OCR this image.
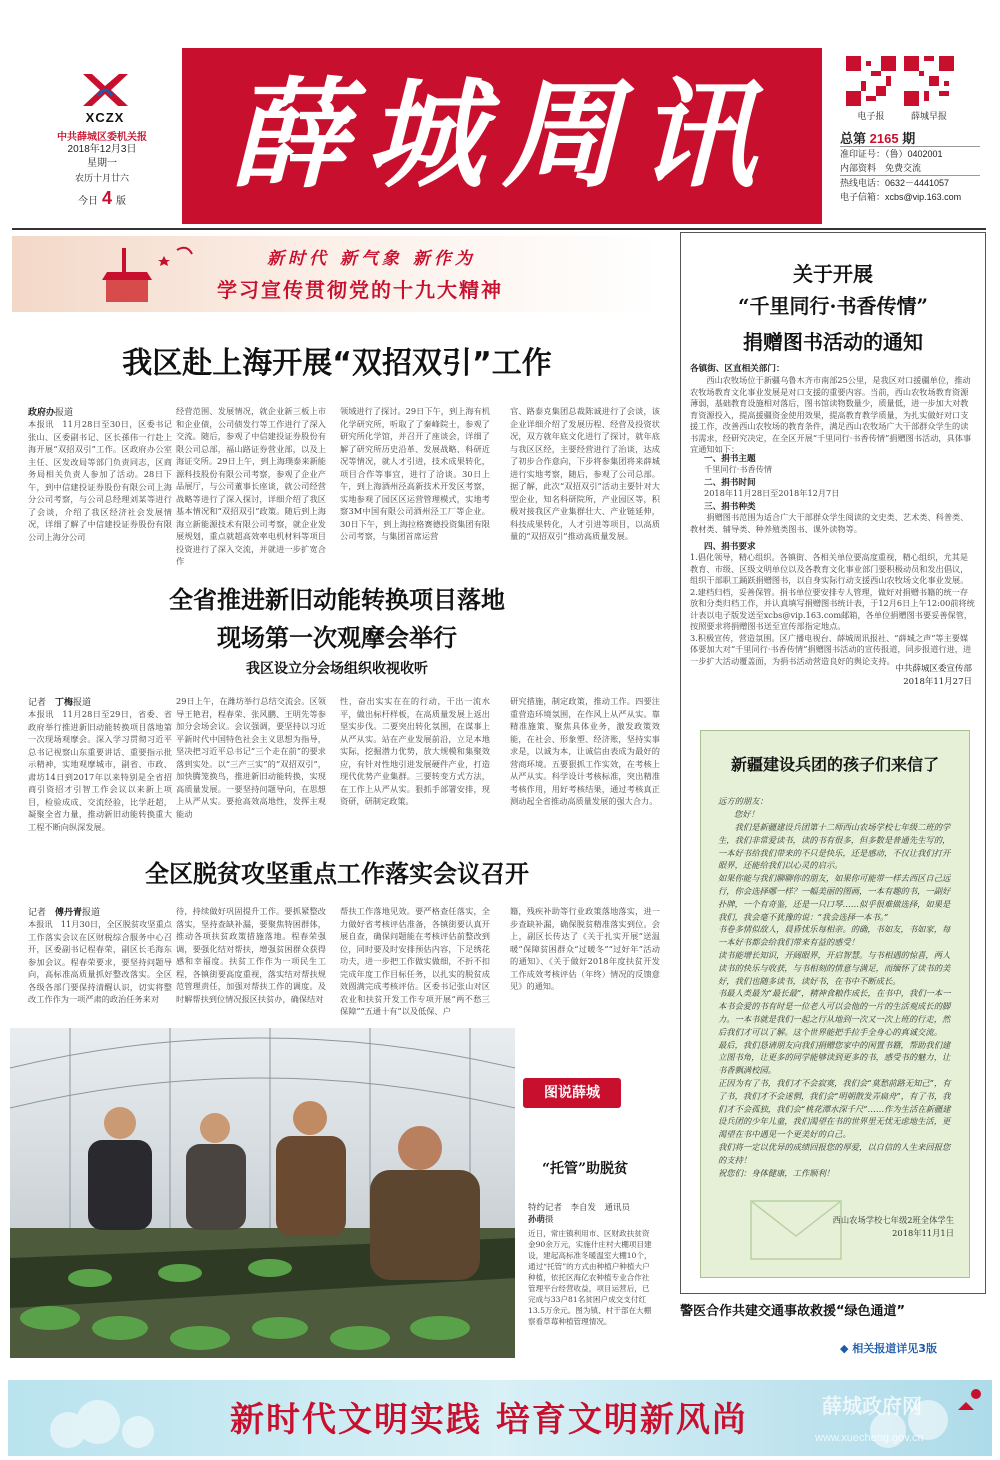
XCZX
中共薛城区委机关报
2018年12月3日
星期一
农历十月廿六
今日 4 版 薛城周讯	电子报	薛城早报
总第 2165 期
准印证号：（鲁）0402001
内部资料　免费交流
热线电话：0632－4441057
电子信箱：xcbs@vip.163.com
新时代 新气象 新作为
学习宣传贯彻党的十九大精神
我区赴上海开展“双招双引”工作
政府办报道
本报讯　11月28日至30日，区委书记张山、区委副书记、区长孫伟一行赴上海开展“双招双引”工作。区政府办公室主任、区发改局等部门负责同志，区商务局相关负责人参加了活动。28日下午，到中信建投证券股份有限公司上海分公司考察，与公司总经理刘某等进行了会谈，介绍了我区经济社会发展情况，详细了解了中信建投证券股份有限公司上海分公司
经营范围、发展情况，就企业新三板上市和企业债，公司债发行等工作进行了深入交流。随后，参观了中信建投证券股份有限公司总部，福山路证券营业部，以及上海证交所。29日上午，到上海璞泰来新能源科技股份有限公司考察，参观了企业产品展厅，与公司董事长座谈，就公司经营战略等进行了深入探讨，详细介绍了我区基本情况和“双招双引”政策。随后到上海海立新能源技术有限公司考察，就企业发展规划，重点就超高效率电机材料等项目投资进行了深入交流，并就进一步扩宽合作
领域进行了探讨。29日下午，到上海有机化学研究所，听取了了秦峰院士，参观了研究所化学馆，并召开了座谈会，详细了解了研究所历史沿革、发展战略、科研近况等情况，就人才引进，技术成果转化，项目合作等事宜，进行了洽谈。30日上午，到上海酒州泾高新技术开发区考察，实地参观了园区区运营管理模式，实地考察3M中国有限公司酒州泾工厂等企业。30日下午，到上海拉格赛德投资集团有限公司考察，与集团首席运营
官、路泰克集团总裁陈诚进行了会谈，该企业详细介绍了发展历程、经营及投资状况，双方就年底文化进行了探讨，就年底与我区区经，主要经营进行了治谈，达成了初步合作意向，下步将参集团将来薛城进行实地考察，随后，参观了公司总部。据了解，此次“双招双引”活动主要针对大型企业，知名科研院所，产业园区等，积极对接我区产业集群壮大、产业链延伸，科技成果转化，人才引进等项目，以高质量的“双招双引”推动高质量发展。
全省推进新旧动能转换项目落地
现场第一次观摩会举行
我区设立分会场组织收视收听
记者　 丁梅报道
本报讯　11月28日至29日，省委、省政府举行推进新旧动能转换项目落地第一次现场观摩会。深入学习贯彻习近平总书记视察山东重要讲话、重要指示批示精神，实地观摩城市，副省、市政、肃坊14日到2017年以来特别是全省招商引资招才引智工作会议以来新上项目，检验成成、交流经验，比学赶超，凝聚全省力量，推动新旧动能转换重大工程不断向纵深发展。
29日上午，在潍坊举行总结交流会。区领导王艳君，程春荣、张风鹏、王明先等参加分会场会议。会议强调，要坚持以习近平新时代中国特色社会主义思想为指导，坚决把习近平总书记“三个走在前”的要求落到实处。以“三产三实”的“双招双引”，加快腾笼换鸟，推进新旧动能转换，实现高质量发展。一要坚持问题导向，在思想上从严从实。要抢高效高地性，发挥主观能动
性，奋出实实在在的行动，干出一流水平，做出标杆样板，在高质量发展上返出坚实步伐。二要突出转化氛围，在谋事上从严从实。站在产业发展前沿，立足本地实际，挖掘潜力优势，放大规模和集聚效应，有针对性地引进发展硬件产业，打造现代优势产业集群。三要转变方式方法，在工作上从严从实。狠抓手部署安排，现资研，研制定政策。
研究措施，制定政策，推动工作。四要注重营造环境氛围，在作风上从严从实。靠精准施策、聚焦具体业务，激发政策效能，在社会、形象塑、经济账，坚持实事求是，以诚为本，让诚信由表成为最好的营商环境。五要狠抓工作实效，在考核上从严从实。科学设计考核标准，突出精准考核作用，用好考核结果，通过考核真正测动起全省推动高质量发展的强大合力。
全区脱贫攻坚重点工作落实会议召开
记者　 傅丹青报道
本报讯　11月30日，全区脱贫攻坚重点工作落实会议在区财税综合服务中心召开，区委副书记程春荣，副区长毛海东参加会议。程春荣要求，要坚持问题导向，高标准高质量抓好整改落实。全区各级各部门要保持清醒认识，切实将整改工作作为一项严肃的政治任务来对
待，持续做好巩固提升工作。要抓紧整改落实，坚持查缺补漏，要聚焦特困群体，推动各项扶贫政策措施落地。程春荣强调，要强化结对帮扶，增强贫困群众获得感和幸福度。扶贫工作作为一项民生工程，各镇街要高度重视，落实结对帮扶规范管理责任，加强对帮扶工作的调度。及时解帮扶到位情况报区扶贫办，确保结对
帮扶工作落地见效。要严格查任落实，全力做好省考核评估准备，各镇街要认真开展自查，确保问题能在考核评估前整改到位，同时要及时安排预估内容，下足绣花功夫，进一步把工作做实做细，不折不扣完成年度工作目标任务，以扎实的脱贫成效圆满完成考核评估。区委书记张山对区农业和扶贫开发工作专项开展“两不愁三保障”“五通十有”以及低保、户
籍，残疾补助等行业政策落地落实，进一步查缺补漏，确保脱贫精准落实到位。会上，副区长传达了《关于扎实开展“送温暖”保障贫困群众“过暖冬”“过好年”活动的通知》、《关于做好2018年度扶贫开发工作成效考核评估（年终）情况的反馈意见》的通知。
图说薛城
“托管”助脱贫
特约记者　李自发　通讯员
孙萌摄
近日，常庄镇利用市、区财政扶贫资金90余万元，实施什庄村大棚项目建设，建起高标准冬暖温室大棚10个，通过“托管”的方式由种植户种植大户种植，依托区海亿农种植专业合作社管理平台经营收益，项目运营后，已完成与33户81名贫困户成交支付红13.5万余元。图为镇、村干部在大棚察看草莓种植管理情况。
关于开展
“千里同行·书香传情”
捐赠图书活动的通知
各镇街、区直相关部门：
西山农牧场位于新疆乌鲁木齐市南部25公里，是我区对口援疆单位，推动农牧场教育文化事业发展是对口支援的重要内容。当前，西山农牧场教育资源薄弱，基础教育设施相对落后，图书馆读物数量少，质量低，进一步加大对教育资源投入，提高援疆资金使用效果，提高教育教学质量，为扎实做好对口支援工作，改善西山农牧场的教育条件，满足西山农牧场广大干部群众学生的读书需求，经研究决定，在全区开展“千里同行·书香传情”捐赠图书活动，具体事宜通知如下：
一、捐书主题
千里同行·书香传情
二、捐书时间
2018年11月28日至2018年12月7日
三、捐书种类
捐赠图书范围为适合广大干部群众学生阅读的文史类、艺术类、科普类、教材类、辅导类、种养殖类图书、课外读物等。
四、捐书要求
1.倡化领导，精心组织。各镇街、各相关单位要高度重视，精心组织，尤其是教育、市级、区级文明单位以及各教育文化事业部门要积极动员和发出倡议，组织干部职工踊跃捐赠图书，以自身实际行动支援西山农牧场文化事业发展。
2.建档归档，妥善保管。捐书单位要安排专人管理，做好对捐赠书籍的统一存放和分类归档工作，并认真填写捐赠图书统计表，于12月6日上午12:00前将统计表以电子版发送至xcbs@vip.163.com邮箱，各单位捐赠图书要妥善保管，按照要求将捐赠图书送至宣传部指定地点。
3.积极宣传，营造氛围。区广播电视台、薛城周讯报社、“薛城之声”等主要媒体要加大对“千里同行·书香传情”捐赠图书活动的宣传报道，同步报道行进，进一步扩大活动覆盖面，为捐书活动营造良好的舆论支持。
中共薛城区委宣传部
2018年11月27日
新疆建设兵团的孩子们来信了
远方的朋友：
您好！
我们是新疆建设兵团第十二师西山农场学校七年级二班的学生，我们非常爱读书，读的书有很多，但多数是普通先生写的，一本好书给我们带来的不只是快乐，还是感动，不仅让我们打开眼界，还能给我们以心灵的启示。
如果你能与我们聊聊你的朋友，如果你可能带一样去西区自己远行，你会选择哪一样？一幅美丽的图画，一本有趣的书，一副好扑牌，一个有奇鉴，还是一只口琴……似乎很难做选择，如果是我们，我会毫不犹豫的说：“我会选择一本书。”
书卷多情似故人，晨昏忧乐每相亲。的确，书如友，书如家，每一本好书都会给我们带来有益的感受！
读书能增长知识，开阔眼界，开启智慧。与书相遇的惊喜，两人读书的快乐与收获，与书相刻的情意与满足，而缅怀了读书的美好，我们也随多读书，读好书，在书中不断成长。
书最人类最为“最长最”，精神食粮作成长，在书中，我们一本一本书会爱的书有时是一位老人可以会他的一片的生活观成长的脚力。一本书就是我们一起之行从地到一次又一次上班的行走，然后我们才可以了解。这个世界能把手拉手全身心的真诚交流。
最后，我们恳请朋友向我们捐赠您家中的闲置书籍，帮助我们建立图书角，让更多的同学能够读到更多的书，感受书的魅力，让书香飘满校园。
正因为有了书，我们才不会寂寞，我们会“莫愁前路无知己”，有了书，我们才不会迷惘，我们会“明朝散发弄扁舟”，有了书，我们才不会孤独，我们会“桃花潭水深千尺”……作为生活在新疆建设兵团的少年儿童，我们渴望在书的世界里无忧无虑地生活，更渴望在书中遇见一个更美好的自己。
我们将一定以优异的成绩回报您的厚爱，以自信的人生来回报您的支持！
祝您们：身体健康，工作顺利！
西山农场学校七年级2班全体学生
2018年11月1日
警医合作共建交通事故救援“绿色通道”
◆ 相关报道详见3版
新时代文明实践 培育文明新风尚	薛城政府网
www.xuecheng.gov.cn
